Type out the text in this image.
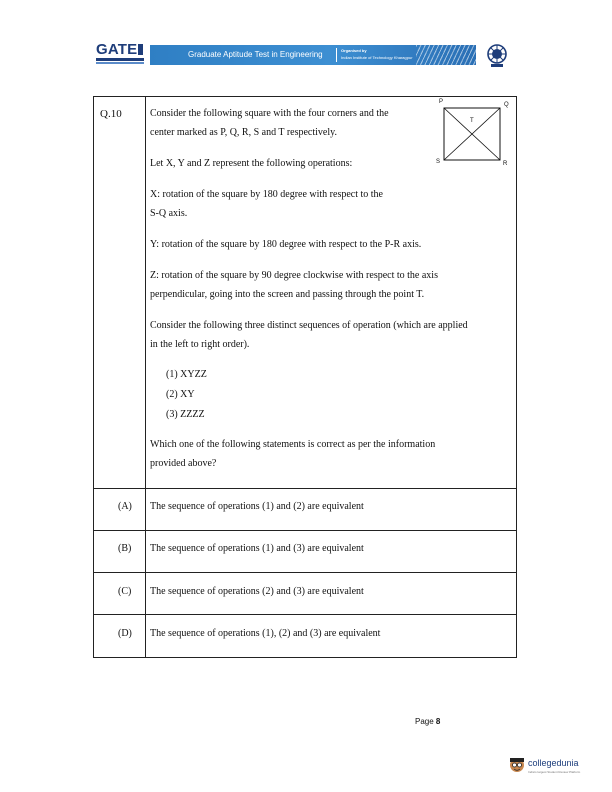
GATE	Graduate Aptitude Test in Engineering	Organised by
Indian Institute of Technology Kharagpur
Q.10	Consider the following square with the four corners and the
center marked as P, Q, R, S and T respectively.
Let X, Y and Z represent the following operations:
X: rotation of the square by 180 degree with respect to the
S-Q axis.
Y: rotation of the square by 180 degree with respect to the P-R axis.
Z: rotation of the square by 90 degree clockwise with respect to the axis
perpendicular, going into the screen and passing through the point T.
Consider the following three distinct sequences of operation (which are applied
in the left to right order).
(1) XYZZ
(2) XY
(3) ZZZZ
Which one of the following statements is correct as per the information
provided above?
(A) The sequence of operations (1) and (2) are equivalent
(B) The sequence of operations (1) and (3) are equivalent
(C) The sequence of operations (2) and (3) are equivalent
(D) The sequence of operations (1), (2) and (3) are equivalent
P	Q
T
S	R
Page 8
collegedunia
India's largest Student Review Platform
